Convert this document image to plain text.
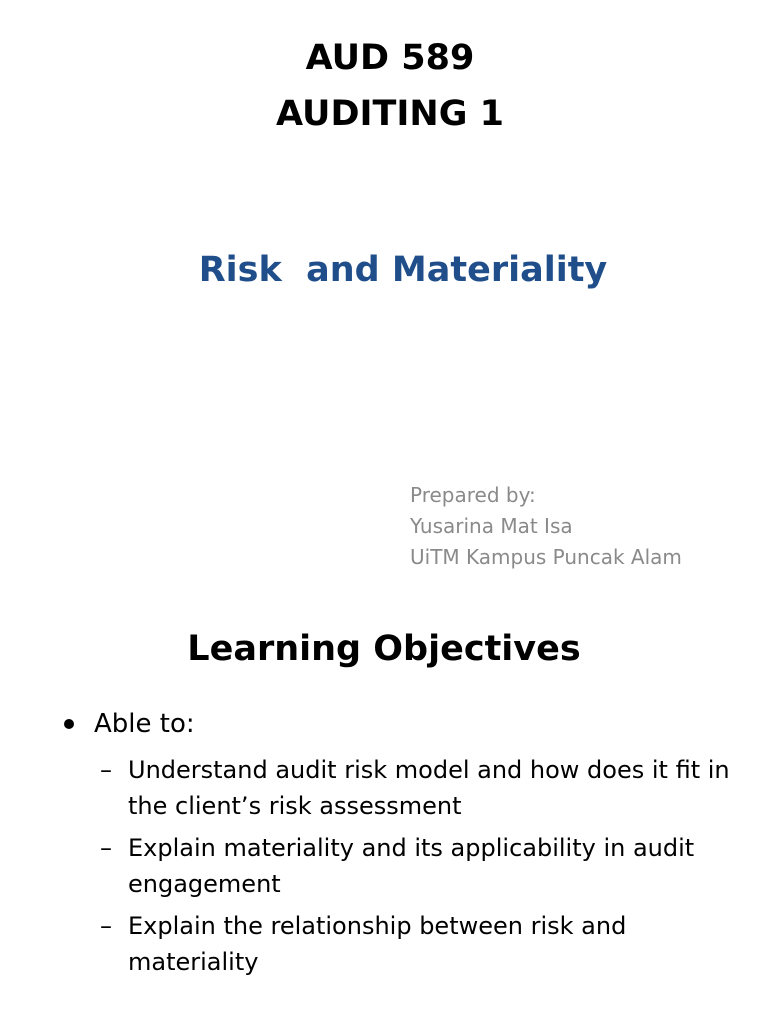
AUD 589
AUDITING 1
Risk  and Materiality
Prepared by:
Yusarina Mat Isa
UiTM Kampus Puncak Alam
Learning Objectives
Able to:
– Understand audit risk model and how does it fit in the client’s risk assessment
– Explain materiality and its applicability in audit engagement
– Explain the relationship between risk and materiality
